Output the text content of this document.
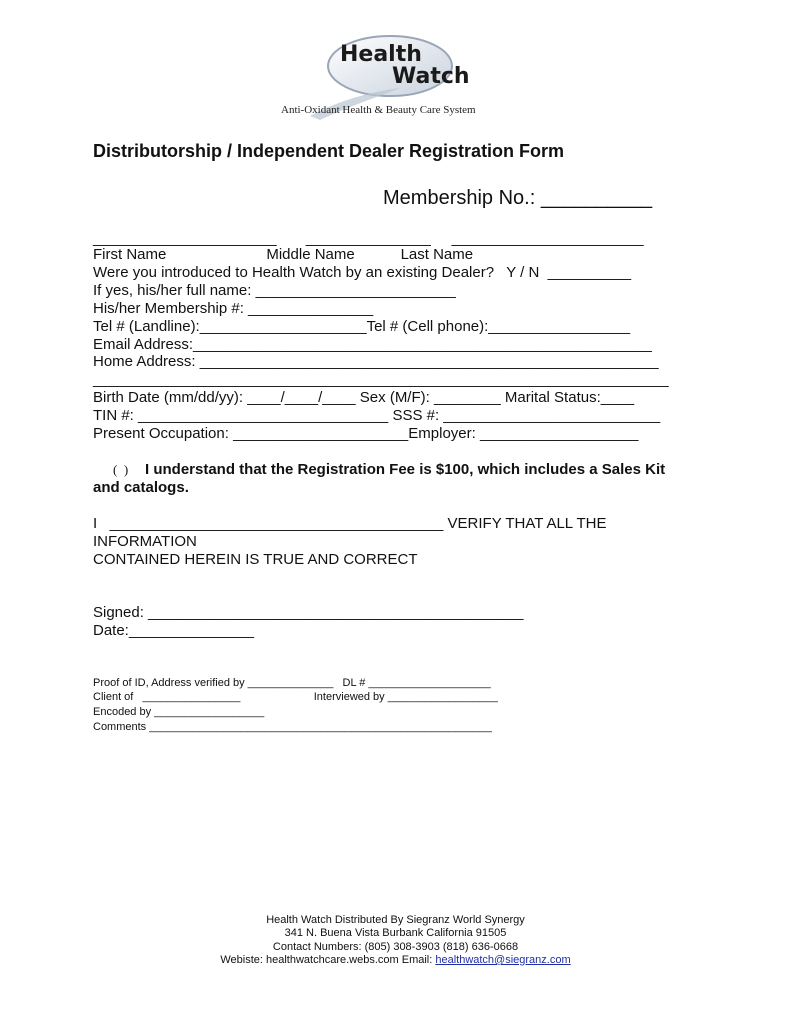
Health
Watch
Anti-Oxidant Health & Beauty Care System
Distributorship / Independent Dealer Registration Form
Membership No.: __________
______________________       _______________     _______________________
First Name                        Middle Name           Last Name
Were you introduced to Health Watch by an existing Dealer?   Y / N  __________
If yes, his/her full name: ________________________
His/her Membership #: _______________
Tel # (Landline):____________________Tel # (Cell phone):_________________
Email Address:_______________________________________________________
Home Address: _______________________________________________________
_____________________________________________________________________
Birth Date (mm/dd/yy): ____/____/____ Sex (M/F): ________ Marital Status:____
TIN #: ______________________________ SSS #: __________________________
Present Occupation: _____________________Employer: ___________________
(  ) I understand that the Registration Fee is $100, which includes a Sales Kit
and catalogs.
I   ________________________________________ VERIFY THAT ALL THE
INFORMATION
CONTAINED HEREIN IS TRUE AND CORRECT
Signed: _____________________________________________
Date:_______________
Proof of ID, Address verified by ______________   DL # ____________________
Client of   ________________                        Interviewed by __________________
Encoded by __________________
Comments ________________________________________________________
Health Watch Distributed By Siegranz World Synergy
341 N. Buena Vista Burbank California 91505
Contact Numbers: (805) 308-3903 (818) 636-0668
Webiste: healthwatchcare.webs.com Email: healthwatch@siegranz.com
